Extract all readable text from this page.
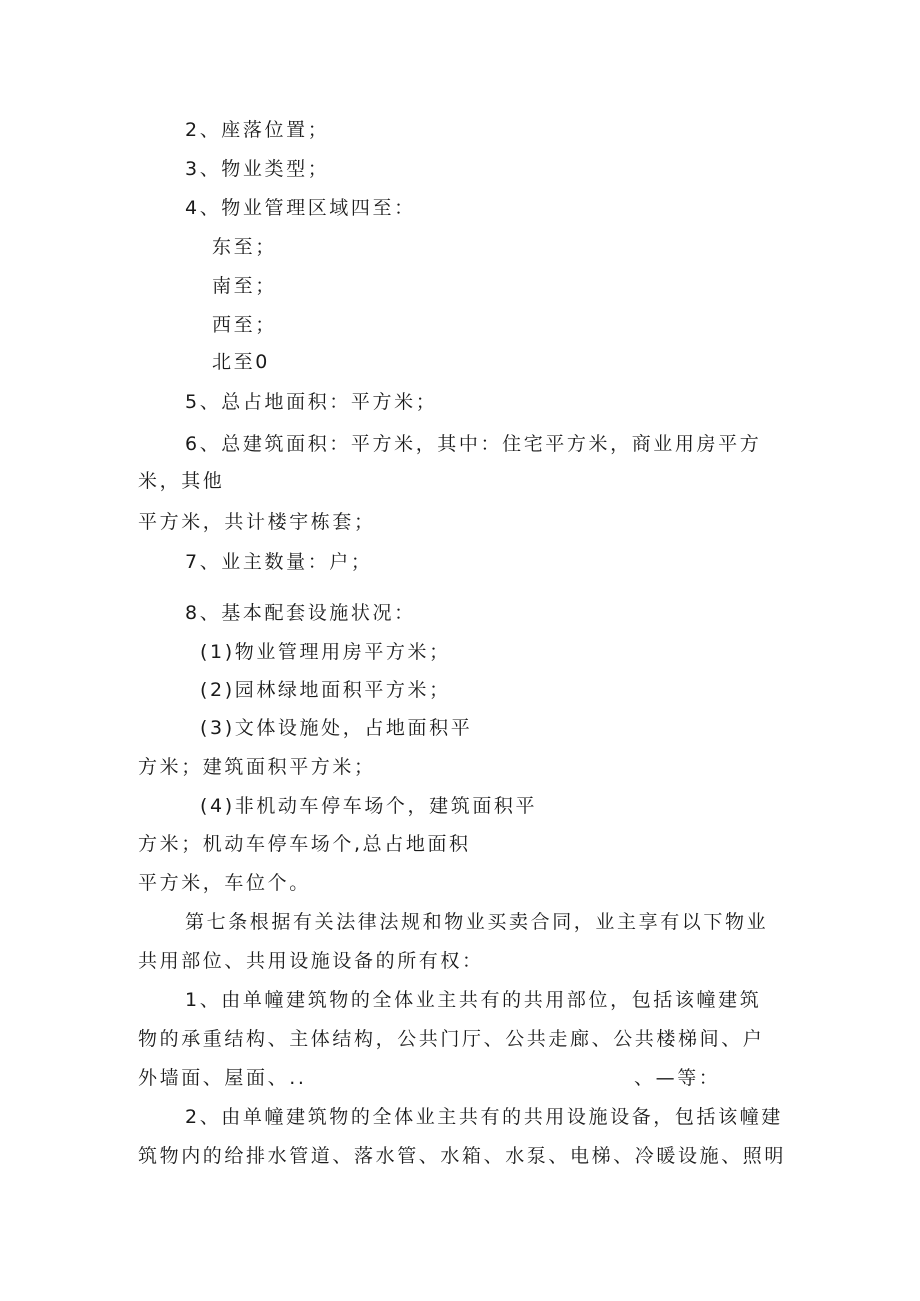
2、座落位置；
3、物业类型；
4、物业管理区域四至：
东至；
南至；
西至；
北至0
5、总占地面积：平方米；
6、总建筑面积：平方米，其中：住宅平方米，商业用房平方
米，其他
平方米，共计楼宇栋套；
7、业主数量：户；
8、基本配套设施状况：
(1)物业管理用房平方米；
(2)园林绿地面积平方米；
(3)文体设施处，占地面积平
方米；建筑面积平方米；
(4)非机动车停车场个，建筑面积平
方米；机动车停车场个,总占地面积
平方米，车位个。
第七条根据有关法律法规和物业买卖合同，业主享有以下物业
共用部位、共用设施设备的所有权：
1、由单幢建筑物的全体业主共有的共用部位，包括该幢建筑
物的承重结构、主体结构，公共门厅、公共走廊、公共楼梯间、户
外墙面、屋面、..	、—等：
2、由单幢建筑物的全体业主共有的共用设施设备，包括该幢建
筑物内的给排水管道、落水管、水箱、水泵、电梯、冷暖设施、照明
